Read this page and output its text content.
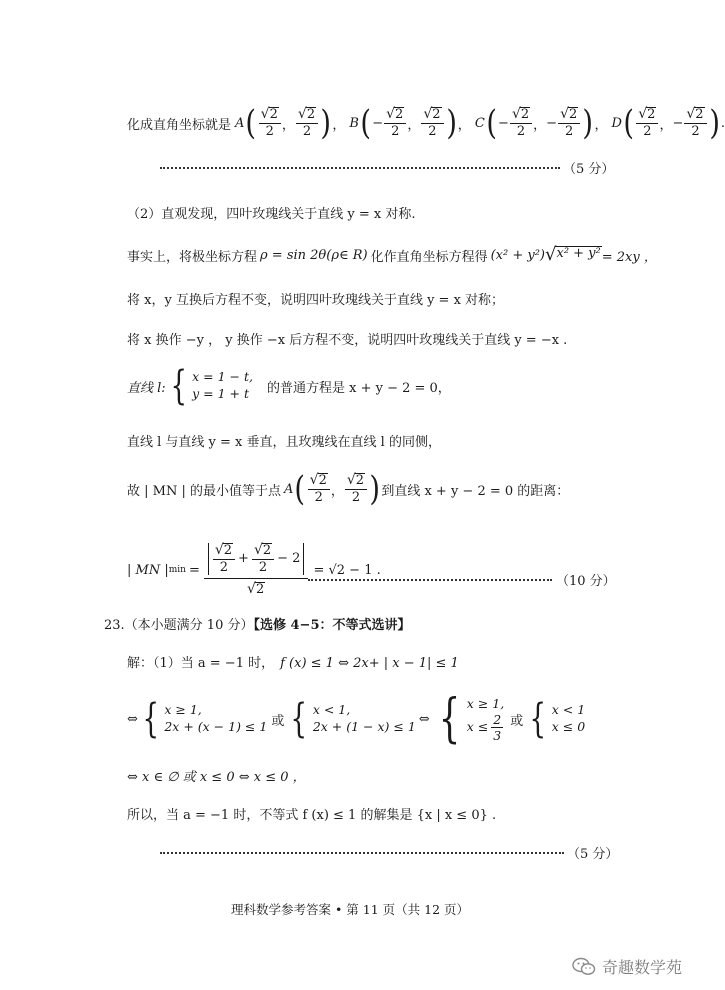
化成直角坐标就是 A ( $\frac{√ 2}{2}$ ， $\frac{√ 2}{2}$ ) ， B ( − $\frac{√ 2}{2}$ ， $\frac{√ 2}{2}$ ) ， C ( − $\frac{√ 2}{2}$ ， − $\frac{√ 2}{2}$ ) ， D ( $\frac{√ 2}{2}$ ， − $\frac{√ 2}{2}$ ) .
（5 分）
（2）直观发现，四叶玫瑰线关于直线 y = x 对称.
事实上，将极坐标方程 ρ = sin 2θ(ρ∈ R) 化作直角坐标方程得 (x² + y²) √ x² + y² = 2xy ，
将 x，y 互换后方程不变，说明四叶玫瑰线关于直线 y = x 对称；
将 x 换作 −y ， y 换作 −x 后方程不变，说明四叶玫瑰线关于直线 y = −x .
直线 l: { x = 1 − t,
y = 1 + t	的普通方程是 x + y − 2 = 0，
直线 l 与直线 y = x 垂直，且玫瑰线在直线 l 的同侧，
故 | MN | 的最小值等于点 A ( $\frac{√ 2}{2}$ ， $\frac{√ 2}{2}$ ) 到直线 x + y − 2 = 0 的距离：
| MN | $\min = \frac{\frac{√ 2}{2} + \frac{√ 2}{2} - 2}{√ 2} = √2 - 1$ .
（10 分）
23.（本小题满分 10 分）【选修 4−5：不等式选讲】
解：（1）当 a = −1 时， f (x) ≤ 1 ⇔ 2x+ | x − 1| ≤ 1
⇔ { x ≥ 1,
2x + (x − 1) ≤ 1 或 { x < 1,
2x + (1 − x) ≤ 1 ⇔ { x ≥ 1,
$x \le \frac{2}{3}$ 或 { x < 1
x ≤ 0
⇔ x ∈ ∅ 或 x ≤ 0 ⇔ x ≤ 0 ，
所以，当 a = −1 时，不等式 f (x) ≤ 1 的解集是 {x | x ≤ 0} .
（5 分）
理科数学参考答案 • 第 11 页（共 12 页）
奇趣数学苑
